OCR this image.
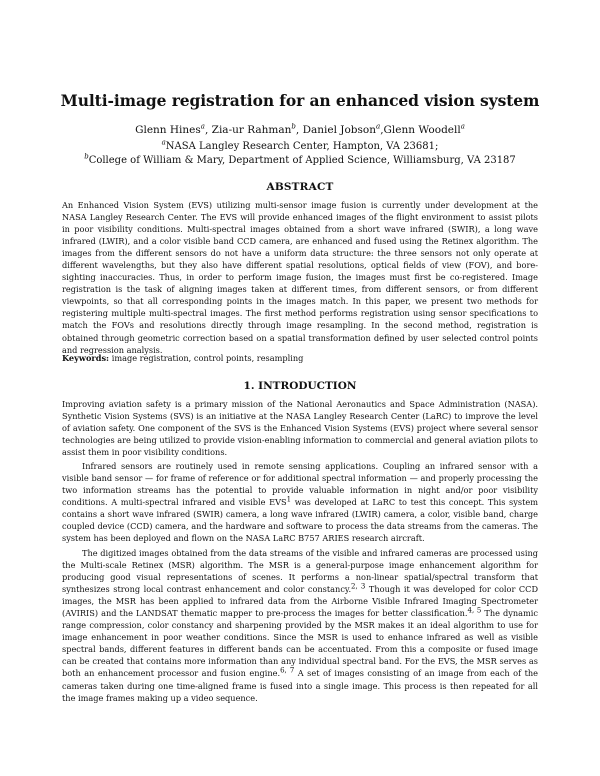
Multi-image registration for an enhanced vision system
Glenn Hines$^a$, Zia-ur Rahman$^b$, Daniel Jobson$^a$,Glenn Woodell$^a$
$^a$NASA Langley Research Center, Hampton, VA 23681;
$^b$College of William & Mary, Department of Applied Science, Williamsburg, VA 23187
ABSTRACT

An Enhanced Vision System (EVS) utilizing multi-sensor image fusion is currently under development at the NASA Langley Research Center. The EVS will provide enhanced images of the flight environment to assist pilots in poor visibility conditions. Multi-spectral images obtained from a short wave infrared (SWIR), a long wave infrared (LWIR), and a color visible band CCD camera, are enhanced and fused using the Retinex algorithm. The images from the different sensors do not have a uniform data structure: the three sensors not only operate at different wavelengths, but they also have different spatial resolutions, optical fields of view (FOV), and bore-sighting inaccuracies. Thus, in order to perform image fusion, the images must first be co-registered. Image registration is the task of aligning images taken at different times, from different sensors, or from different viewpoints, so that all corresponding points in the images match. In this paper, we present two methods for registering multiple multi-spectral images. The first method performs registration using sensor specifications to match the FOVs and resolutions directly through image resampling. In the second method, registration is obtained through geometric correction based on a spatial transformation defined by user selected control points and regression analysis.

Keywords: image registration, control points, resampling

1. INTRODUCTION

Improving aviation safety is a primary mission of the National Aeronautics and Space Administration (NASA). Synthetic Vision Systems (SVS) is an initiative at the NASA Langley Research Center (LaRC) to improve the level of aviation safety. One component of the SVS is the Enhanced Vision Systems (EVS) project where several sensor technologies are being utilized to provide vision-enabling information to commercial and general aviation pilots to assist them in poor visibility conditions.

Infrared sensors are routinely used in remote sensing applications. Coupling an infrared sensor with a visible band sensor — for frame of reference or for additional spectral information — and properly processing the two information streams has the potential to provide valuable information in night and/or poor visibility conditions. A multi-spectral infrared and visible EVS$^1$ was developed at LaRC to test this concept. This system contains a short wave infrared (SWIR) camera, a long wave infrared (LWIR) camera, a color, visible band, charge coupled device (CCD) camera, and the hardware and software to process the data streams from the cameras. The system has been deployed and flown on the NASA LaRC B757 ARIES research aircraft.

The digitized images obtained from the data streams of the visible and infrared cameras are processed using the Multi-scale Retinex (MSR) algorithm. The MSR is a general-purpose image enhancement algorithm for producing good visual representations of scenes. It performs a non-linear spatial/spectral transform that synthesizes strong local contrast enhancement and color constancy.$^{2, 3}$ Though it was developed for color CCD images, the MSR has been applied to infrared data from the Airborne Visible Infrared Imaging Spectrometer (AVIRIS) and the LANDSAT thematic mapper to pre-process the images for better classification.$^{4, 5}$ The dynamic range compression, color constancy and sharpening provided by the MSR makes it an ideal algorithm to use for image enhancement in poor weather conditions. Since the MSR is used to enhance infrared as well as visible spectral bands, different features in different bands can be accentuated. From this a composite or fused image can be created that contains more information than any individual spectral band. For the EVS, the MSR serves as both an enhancement processor and fusion engine.$^{6, 7}$ A set of images consisting of an image from each of the cameras taken during one time-aligned frame is fused into a single image. This process is then repeated for all the image frames making up a video sequence.
